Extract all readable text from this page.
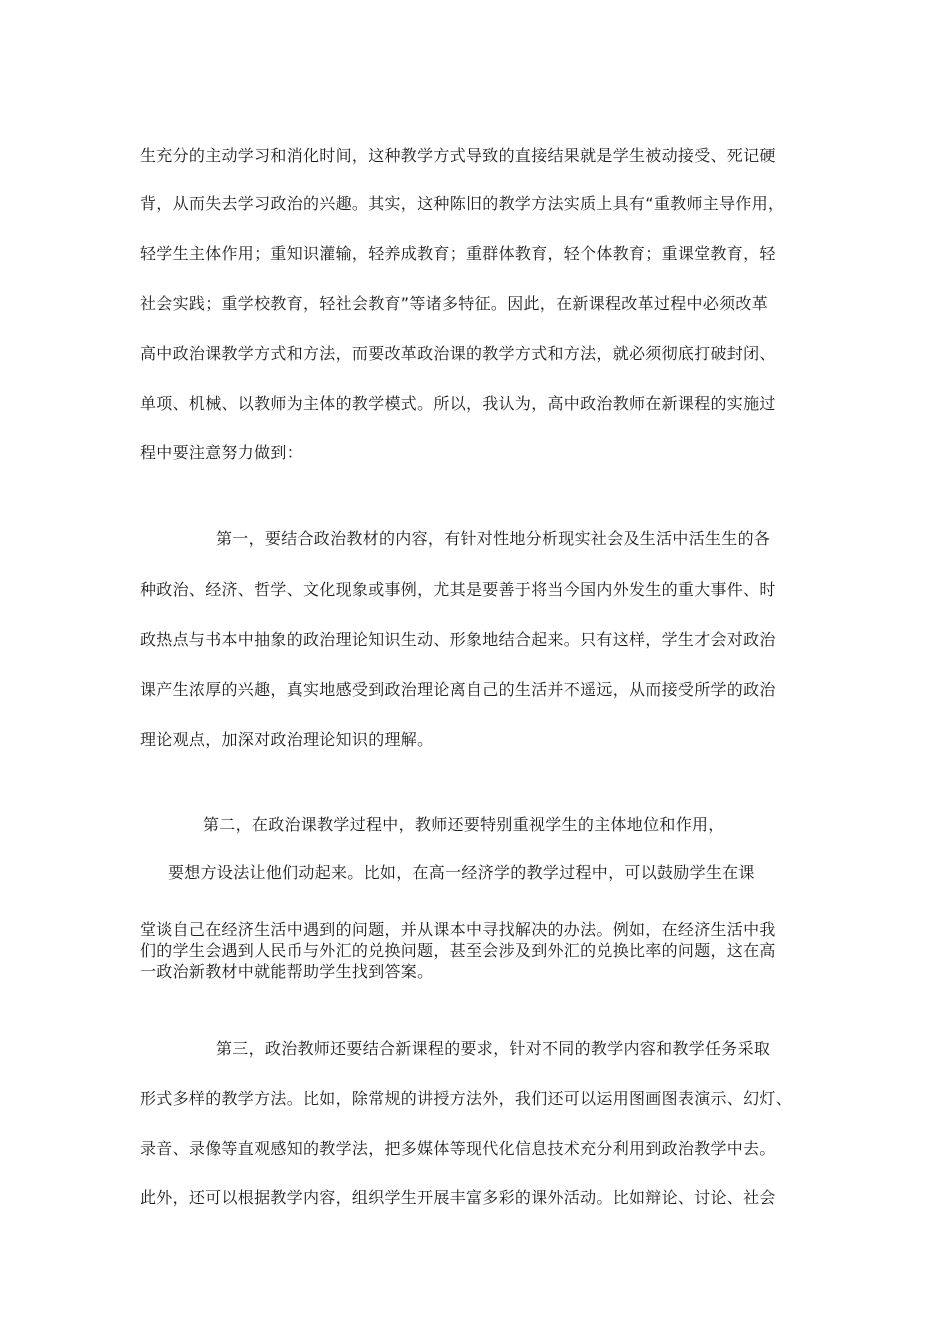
生充分的主动学习和消化时间，这种教学方式导致的直接结果就是学生被动接受、死记硬
背，从而失去学习政治的兴趣。其实，这种陈旧的教学方法实质上具有“重教师主导作用，
轻学生主体作用；重知识灌输，轻养成教育；重群体教育，轻个体教育；重课堂教育，轻
社会实践；重学校教育，轻社会教育”等诸多特征。因此，在新课程改革过程中必须改革
高中政治课教学方式和方法，而要改革政治课的教学方式和方法，就必须彻底打破封闭、
单项、机械、以教师为主体的教学模式。所以，我认为，高中政治教师在新课程的实施过
程中要注意努力做到：
第一，要结合政治教材的内容，有针对性地分析现实社会及生活中活生生的各
种政治、经济、哲学、文化现象或事例，尤其是要善于将当今国内外发生的重大事件、时
政热点与书本中抽象的政治理论知识生动、形象地结合起来。只有这样，学生才会对政治
课产生浓厚的兴趣，真实地感受到政治理论离自己的生活并不遥远，从而接受所学的政治
理论观点，加深对政治理论知识的理解。
第二，在政治课教学过程中，教师还要特别重视学生的主体地位和作用，
要想方设法让他们动起来。比如，在高一经济学的教学过程中，可以鼓励学生在课
堂谈自己在经济生活中遇到的问题，并从课本中寻找解决的办法。例如，在经济生活中我
们的学生会遇到人民币与外汇的兑换问题，甚至会涉及到外汇的兑换比率的问题，这在高
一政治新教材中就能帮助学生找到答案。
第三，政治教师还要结合新课程的要求，针对不同的教学内容和教学任务采取
形式多样的教学方法。比如，除常规的讲授方法外，我们还可以运用图画图表演示、幻灯、
录音、录像等直观感知的教学法，把多媒体等现代化信息技术充分利用到政治教学中去。
此外，还可以根据教学内容，组织学生开展丰富多彩的课外活动。比如辩论、讨论、社会
